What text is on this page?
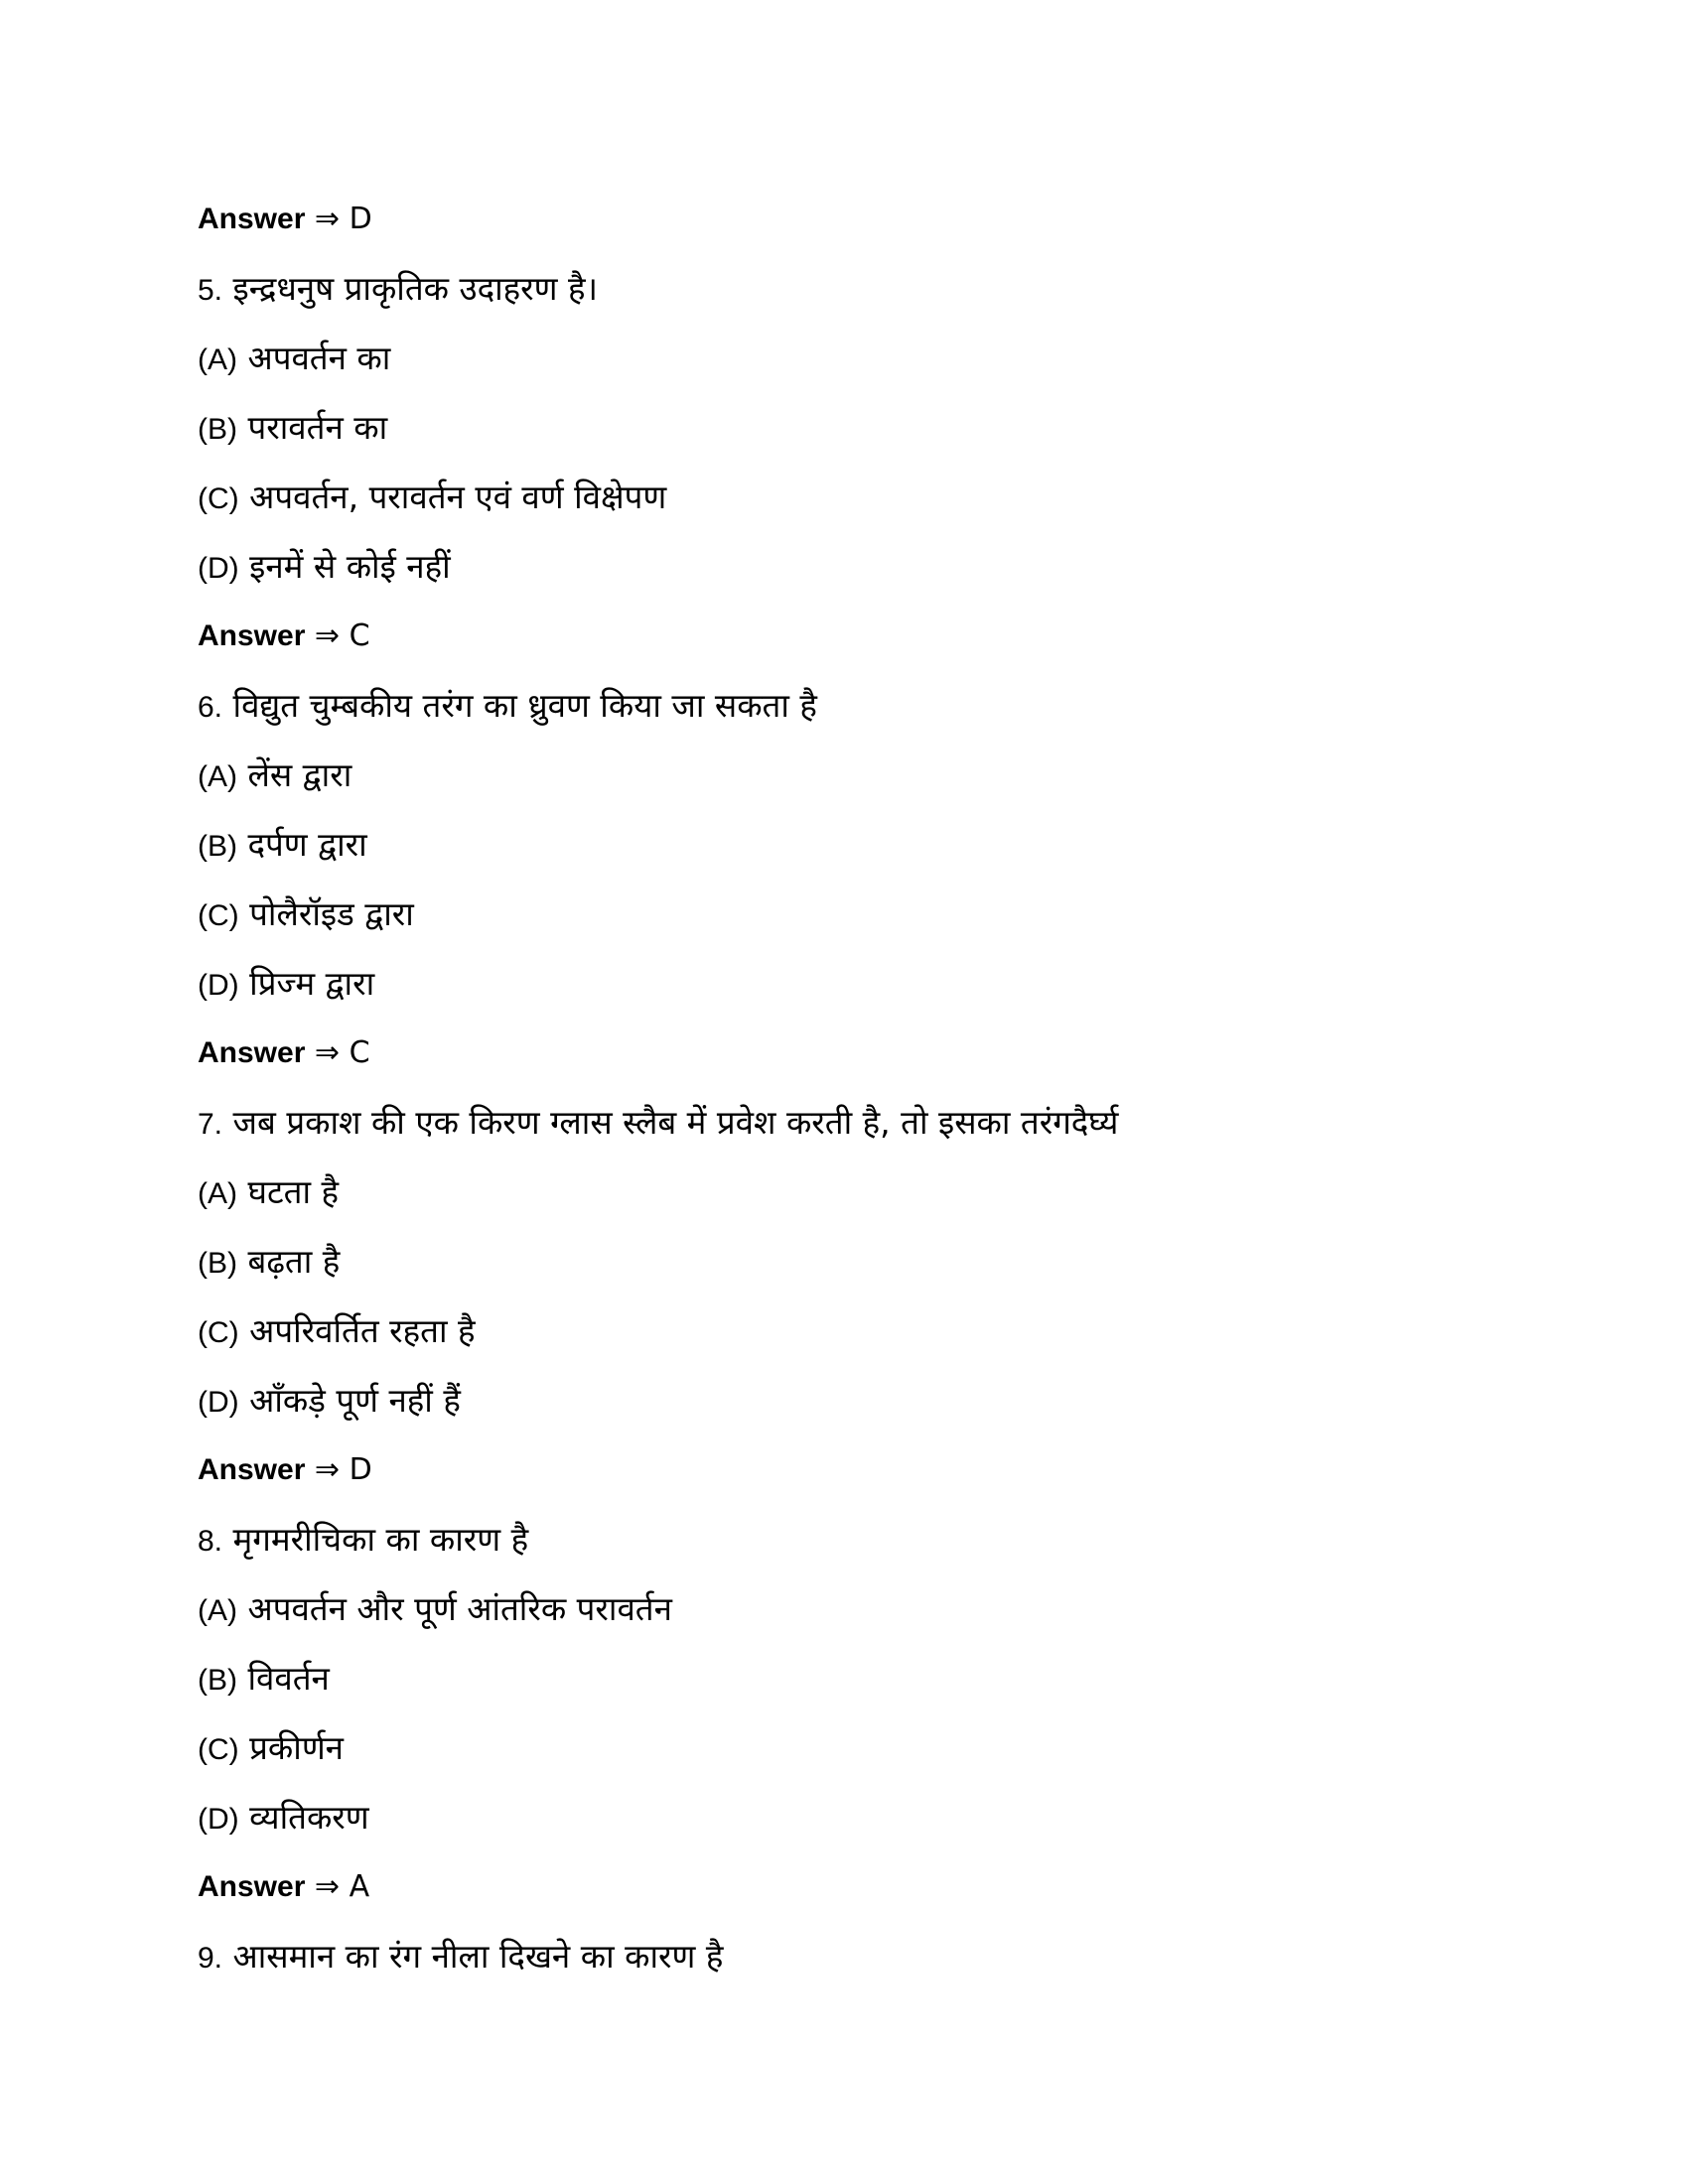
Answer ⇒ D
5. इन्द्रधनुष प्राकृतिक उदाहरण है।
(A) अपवर्तन का
(B) परावर्तन का
(C) अपवर्तन, परावर्तन एवं वर्ण विक्षेपण
(D) इनमें से कोई नहीं
Answer ⇒ C
6. विद्युत चुम्बकीय तरंग का ध्रुवण किया जा सकता है
(A) लेंस द्वारा
(B) दर्पण द्वारा
(C) पोलैरॉइड द्वारा
(D) प्रिज्म द्वारा
Answer ⇒ C
7. जब प्रकाश की एक किरण ग्लास स्लैब में प्रवेश करती है, तो इसका तरंगदैर्घ्य
(A) घटता है
(B) बढ़ता है
(C) अपरिवर्तित रहता है
(D) आँकड़े पूर्ण नहीं हैं
Answer ⇒ D
8. मृगमरीचिका का कारण है
(A) अपवर्तन और पूर्ण आंतरिक परावर्तन
(B) विवर्तन
(C) प्रकीर्णन
(D) व्यतिकरण
Answer ⇒ A
9. आसमान का रंग नीला दिखने का कारण है
